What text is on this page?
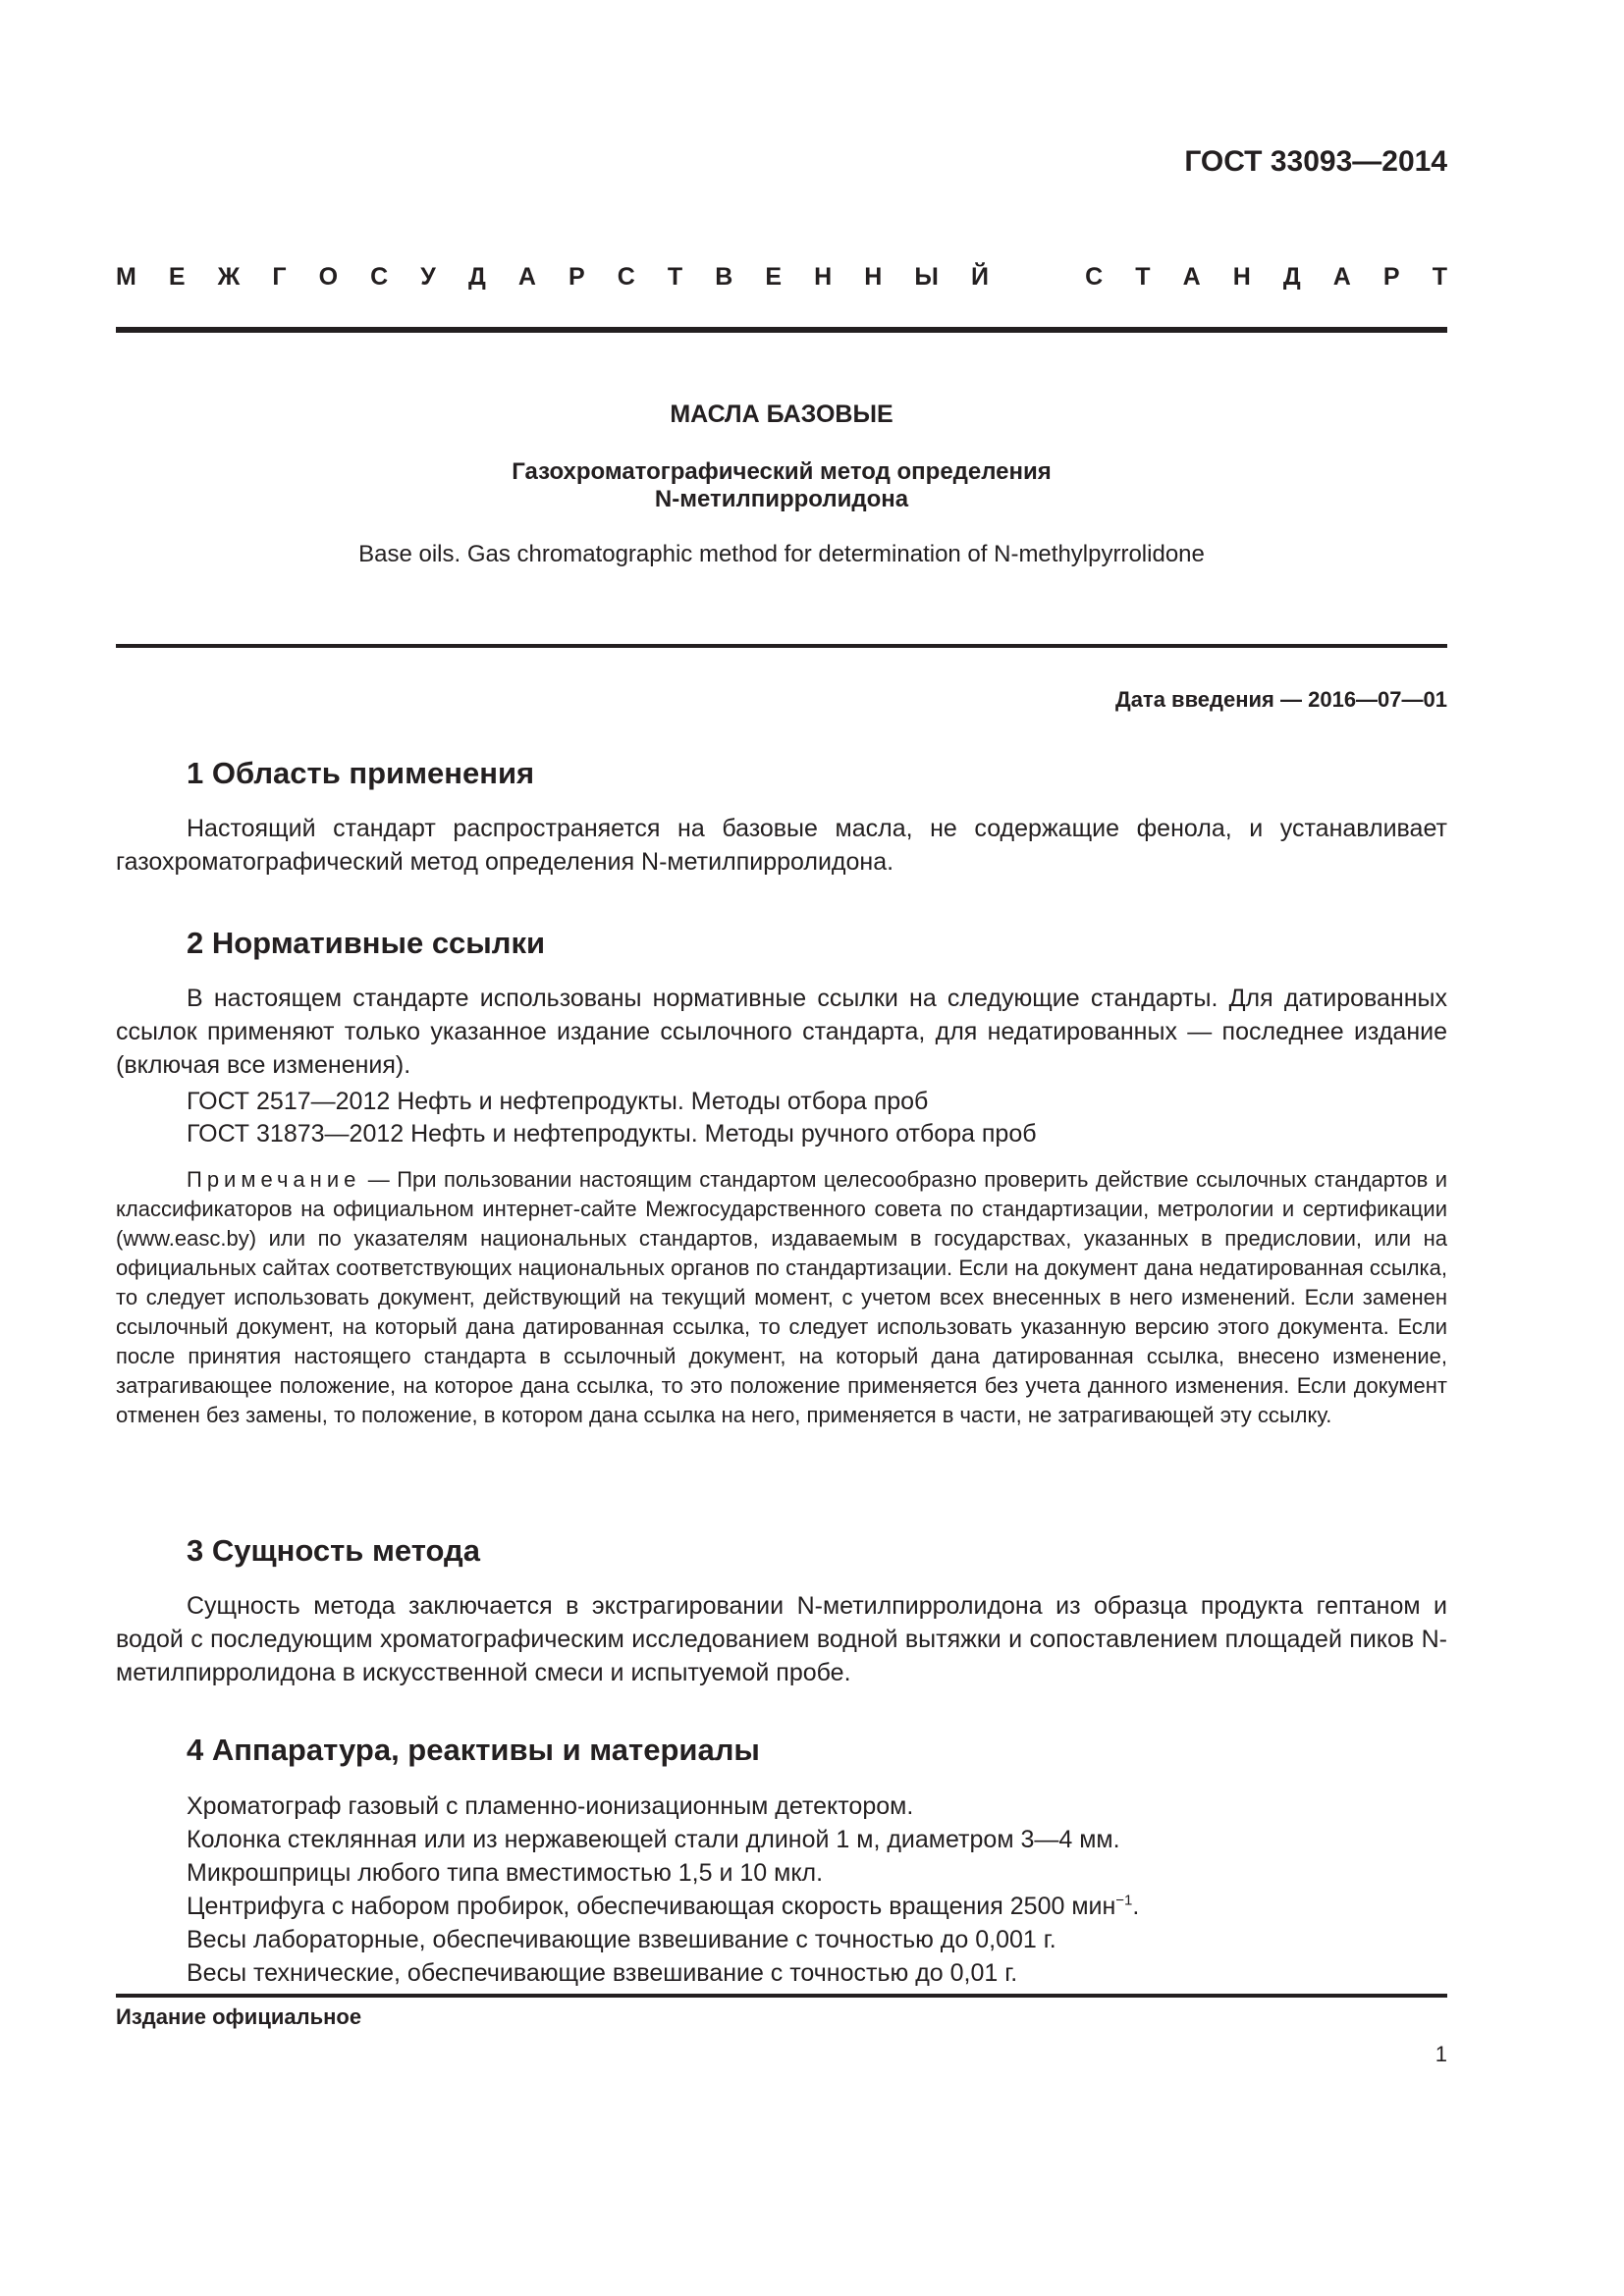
ГОСТ 33093—2014
М Е Ж Г О С У Д А Р С Т В Е Н Н Ы Й	С Т А Н Д А Р Т
МАСЛА БАЗОВЫЕ
Газохроматографический метод определения
N-метилпирролидона
Base oils. Gas chromatographic method for determination of N-methylpyrrolidone
Дата введения — 2016—07—01
1 Область применения
Настоящий стандарт распространяется на базовые масла, не содержащие фенола, и устанавливает газохроматографический метод определения N-метилпирролидона.
2 Нормативные ссылки
В настоящем стандарте использованы нормативные ссылки на следующие стандарты. Для датированных ссылок применяют только указанное издание ссылочного стандарта, для недатированных — последнее издание (включая все изменения).
ГОСТ 2517—2012 Нефть и нефтепродукты. Методы отбора проб
ГОСТ 31873—2012 Нефть и нефтепродукты. Методы ручного отбора проб
Примечание — При пользовании настоящим стандартом целесообразно проверить действие ссылочных стандартов и классификаторов на официальном интернет-сайте Межгосударственного совета по стандартизации, метрологии и сертификации (www.easc.by) или по указателям национальных стандартов, издаваемым в государствах, указанных в предисловии, или на официальных сайтах соответствующих национальных органов по стандартизации. Если на документ дана недатированная ссылка, то следует использовать документ, действующий на текущий момент, с учетом всех внесенных в него изменений. Если заменен ссылочный документ, на который дана датированная ссылка, то следует использовать указанную версию этого документа. Если после принятия настоящего стандарта в ссылочный документ, на который дана датированная ссылка, внесено изменение, затрагивающее положение, на которое дана ссылка, то это положение применяется без учета данного изменения. Если документ отменен без замены, то положение, в котором дана ссылка на него, применяется в части, не затрагивающей эту ссылку.
3 Сущность метода
Сущность метода заключается в экстрагировании N-метилпирролидона из образца продукта гептаном и водой с последующим хроматографическим исследованием водной вытяжки и сопоставлением площадей пиков N-метилпирролидона в искусственной смеси и испытуемой пробе.
4 Аппаратура, реактивы и материалы
Хроматограф газовый с пламенно-ионизационным детектором.
Колонка стеклянная или из нержавеющей стали длиной 1 м, диаметром 3—4 мм.
Микрошприцы любого типа вместимостью 1,5 и 10 мкл.
Центрифуга с набором пробирок, обеспечивающая скорость вращения 2500 мин$^{-1}$.
Весы лабораторные, обеспечивающие взвешивание с точностью до 0,001 г.
Весы технические, обеспечивающие взвешивание с точностью до 0,01 г.
Издание официальное
1
